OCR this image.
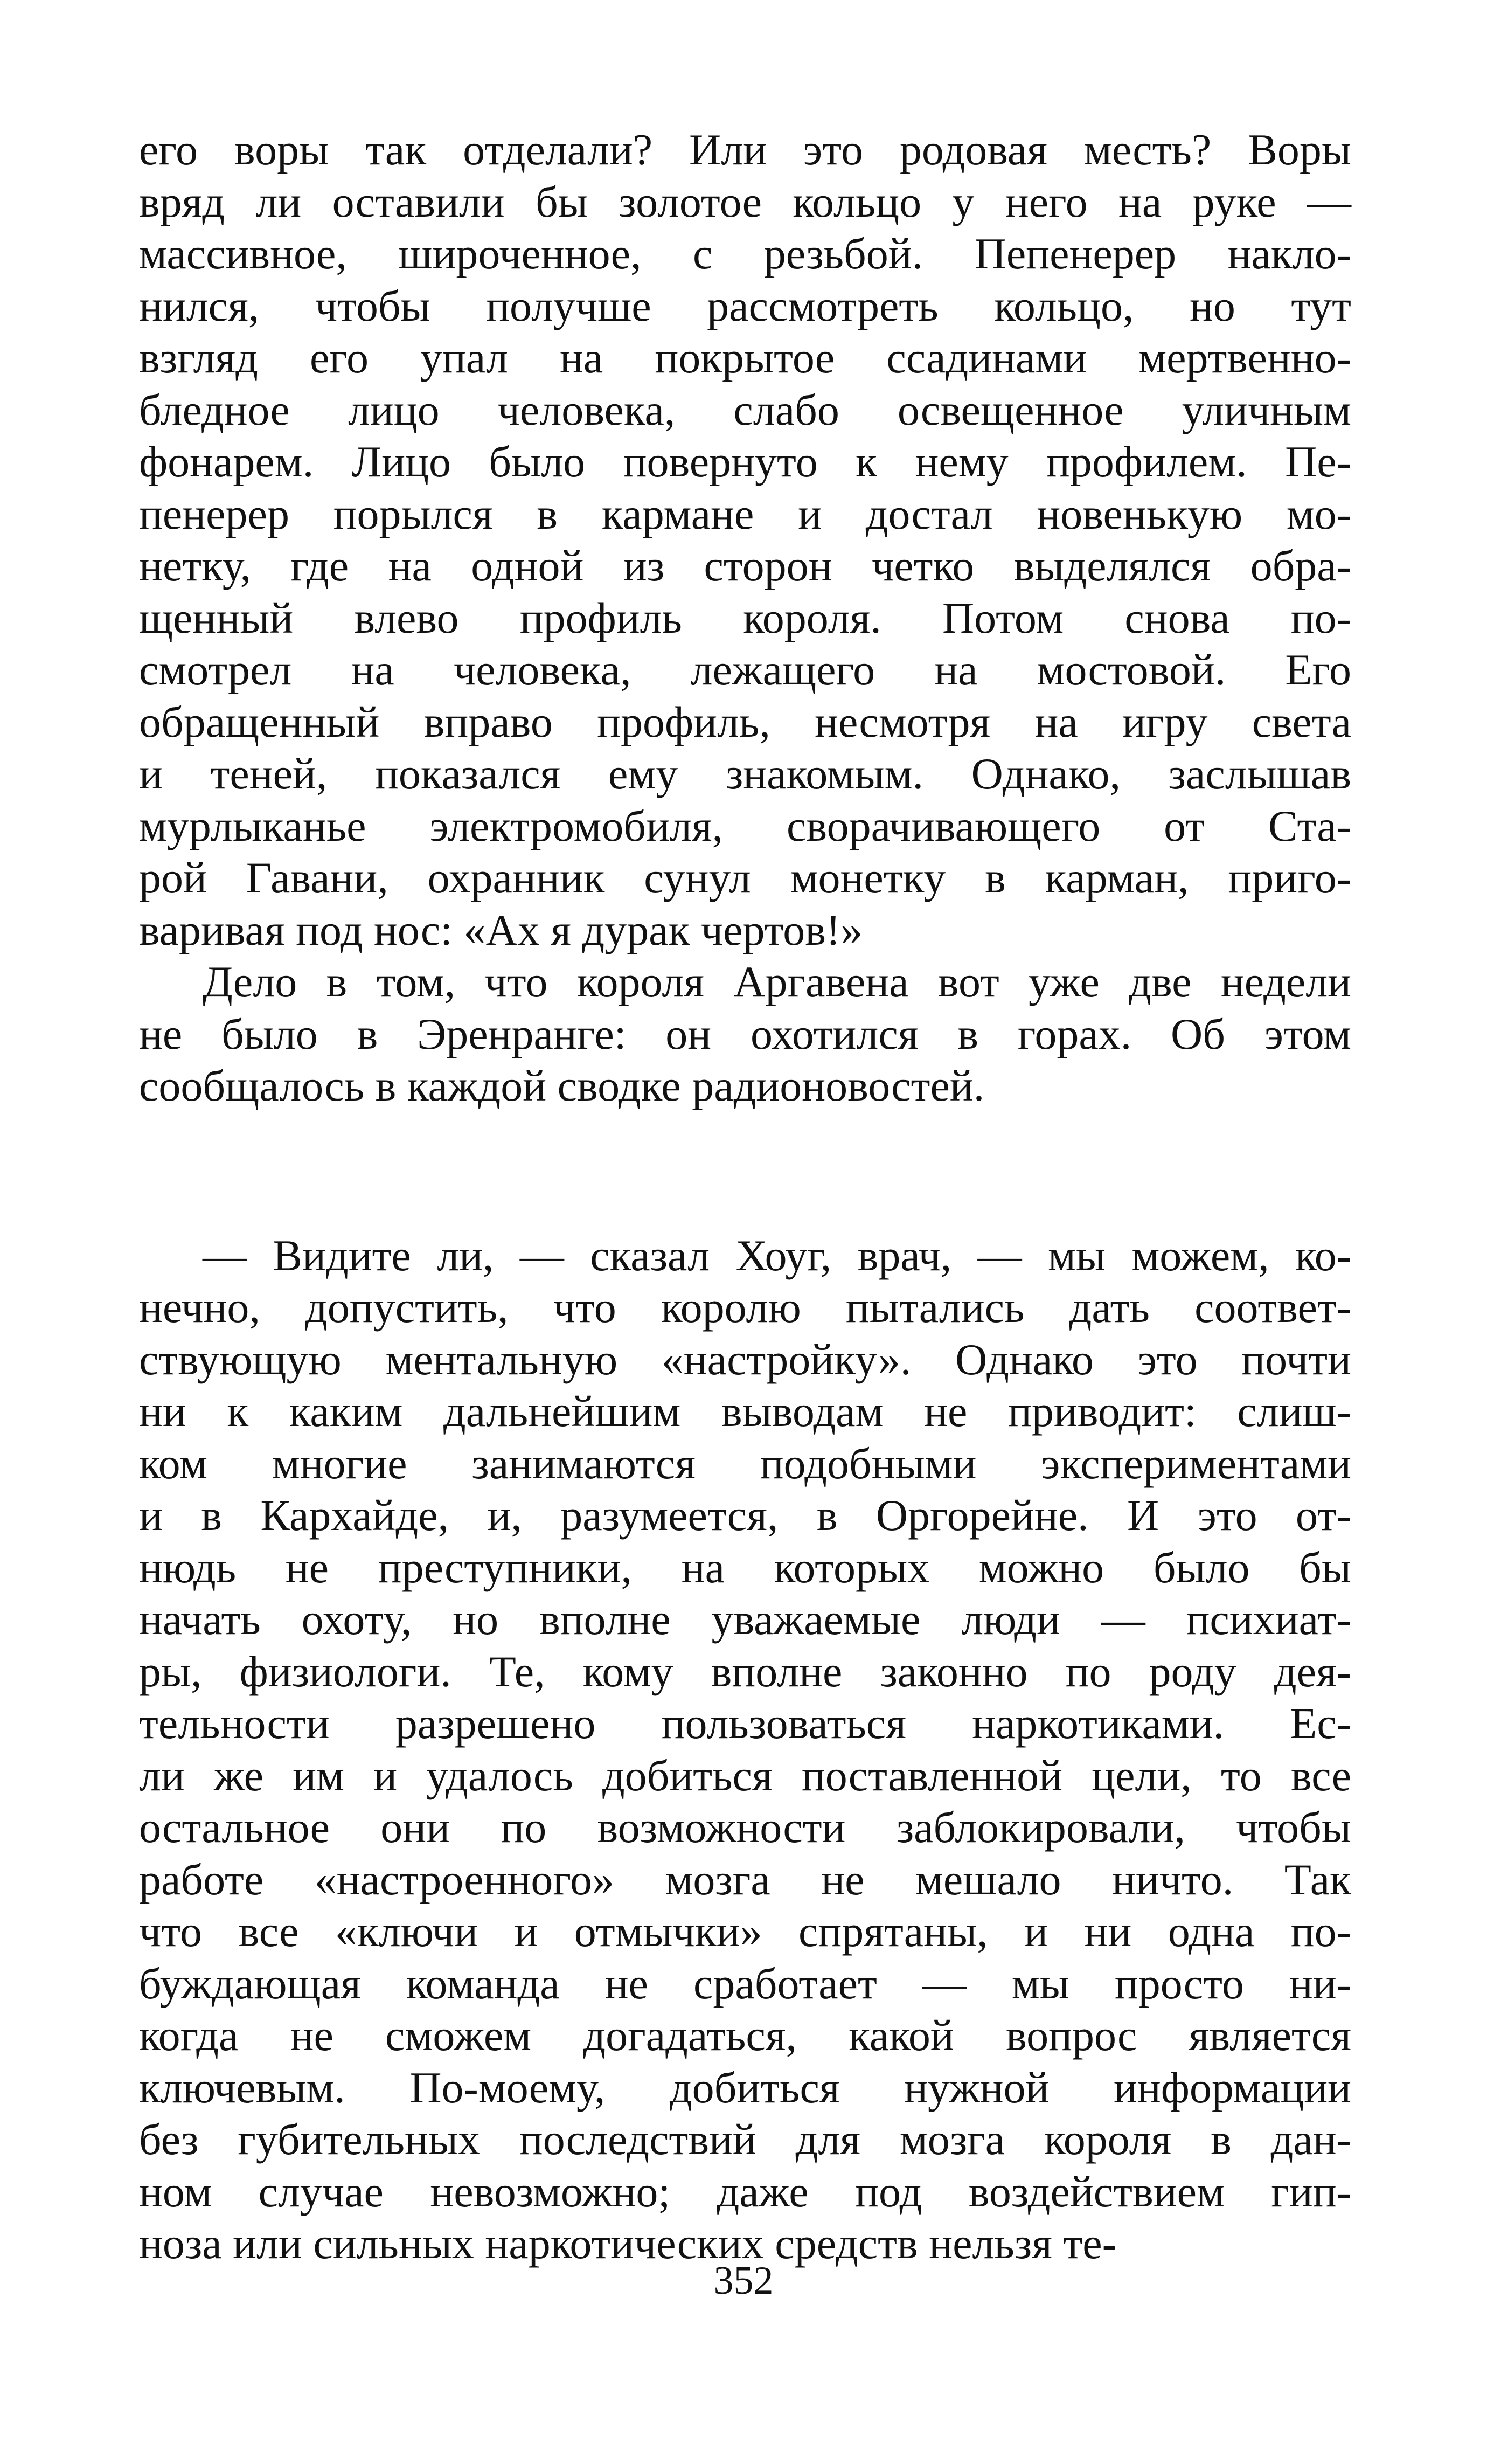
его воры так отделали? Или это родовая месть? Воры
вряд ли оставили бы золотое кольцо у него на руке —
массивное, широченное, с резьбой. Пепенерер накло-
нился, чтобы получше рассмотреть кольцо, но тут
взгляд его упал на покрытое ссадинами мертвенно-
бледное лицо человека, слабо освещенное уличным
фонарем. Лицо было повернуто к нему профилем. Пе-
пенерер порылся в кармане и достал новенькую мо-
нетку, где на одной из сторон четко выделялся обра-
щенный влево профиль короля. Потом снова по-
смотрел на человека, лежащего на мостовой. Его
обращенный вправо профиль, несмотря на игру света
и теней, показался ему знакомым. Однако, заслышав
мурлыканье электромобиля, сворачивающего от Ста-
рой Гавани, охранник сунул монетку в карман, приго-
варивая под нос: «Ах я дурак чертов!»
Дело в том, что короля Аргавена вот уже две недели
не было в Эренранге: он охотился в горах. Об этом
сообщалось в каждой сводке радионовостей.
— Видите ли, — сказал Хоуг, врач, — мы можем, ко-
нечно, допустить, что королю пытались дать соответ-
ствующую ментальную «настройку». Однако это почти
ни к каким дальнейшим выводам не приводит: слиш-
ком многие занимаются подобными экспериментами
и в Кархайде, и, разумеется, в Оргорейне. И это от-
нюдь не преступники, на которых можно было бы
начать охоту, но вполне уважаемые люди — психиат-
ры, физиологи. Те, кому вполне законно по роду дея-
тельности разрешено пользоваться наркотиками. Ес-
ли же им и удалось добиться поставленной цели, то все
остальное они по возможности заблокировали, чтобы
работе «настроенного» мозга не мешало ничто. Так
что все «ключи и отмычки» спрятаны, и ни одна по-
буждающая команда не сработает — мы просто ни-
когда не сможем догадаться, какой вопрос является
ключевым. По-моему, добиться нужной информации
без губительных последствий для мозга короля в дан-
ном случае невозможно; даже под воздействием гип-
ноза или сильных наркотических средств нельзя те-
352
